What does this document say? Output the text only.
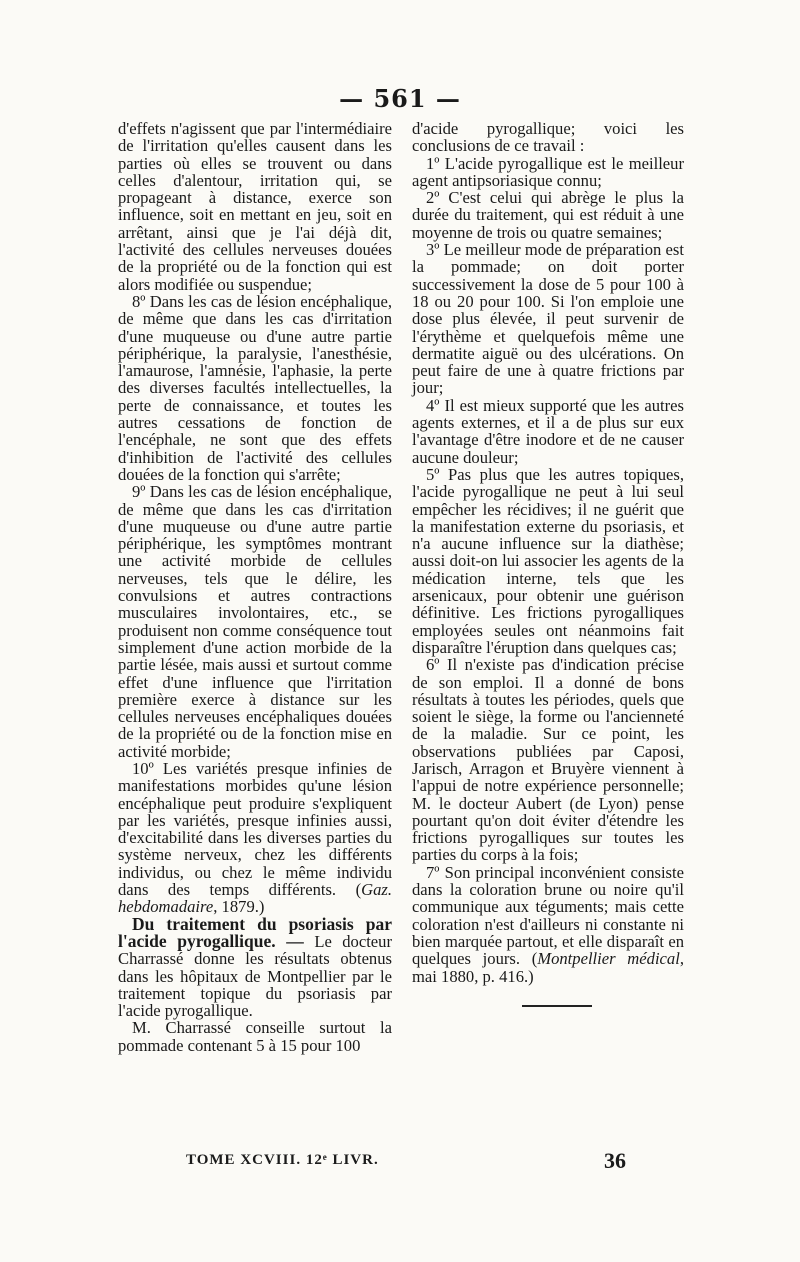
— 561 —

d'effets n'agissent que par l'intermédiaire de l'irritation qu'elles causent dans les parties où elles se trouvent ou dans celles d'alentour, irritation qui, se propageant à distance, exerce son influence, soit en mettant en jeu, soit en arrêtant, ainsi que je l'ai déjà dit, l'activité des cellules nerveuses douées de la propriété ou de la fonction qui est alors modifiée ou suspendue;

8º Dans les cas de lésion encéphalique, de même que dans les cas d'irritation d'une muqueuse ou d'une autre partie périphérique, la paralysie, l'anesthésie, l'amaurose, l'amnésie, l'aphasie, la perte des diverses facultés intellectuelles, la perte de connaissance, et toutes les autres cessations de fonction de l'encéphale, ne sont que des effets d'inhibition de l'activité des cellules douées de la fonction qui s'arrête;

9º Dans les cas de lésion encéphalique, de même que dans les cas d'irritation d'une muqueuse ou d'une autre partie périphérique, les symptômes montrant une activité morbide de cellules nerveuses, tels que le délire, les convulsions et autres contractions musculaires involontaires, etc., se produisent non comme conséquence tout simplement d'une action morbide de la partie lésée, mais aussi et surtout comme effet d'une influence que l'irritation première exerce à distance sur les cellules nerveuses encéphaliques douées de la propriété ou de la fonction mise en activité morbide;

10º Les variétés presque infinies de manifestations morbides qu'une lésion encéphalique peut produire s'expliquent par les variétés, presque infinies aussi, d'excitabilité dans les diverses parties du système nerveux, chez les différents individus, ou chez le même individu dans des temps différents. (Gaz. hebdomadaire, 1879.)

Du traitement du psoriasis par l'acide pyrogallique. — Le docteur Charrassé donne les résultats obtenus dans les hôpitaux de Montpellier par le traitement topique du psoriasis par l'acide pyrogallique.

M. Charrassé conseille surtout la pommade contenant 5 à 15 pour 100

d'acide pyrogallique; voici les conclusions de ce travail :

1º L'acide pyrogallique est le meilleur agent antipsoriasique connu;

2º C'est celui qui abrège le plus la durée du traitement, qui est réduit à une moyenne de trois ou quatre semaines;

3º Le meilleur mode de préparation est la pommade; on doit porter successivement la dose de 5 pour 100 à 18 ou 20 pour 100. Si l'on emploie une dose plus élevée, il peut survenir de l'érythème et quelquefois même une dermatite aiguë ou des ulcérations. On peut faire de une à quatre frictions par jour;

4º Il est mieux supporté que les autres agents externes, et il a de plus sur eux l'avantage d'être inodore et de ne causer aucune douleur;

5º Pas plus que les autres topiques, l'acide pyrogallique ne peut à lui seul empêcher les récidives; il ne guérit que la manifestation externe du psoriasis, et n'a aucune influence sur la diathèse; aussi doit-on lui associer les agents de la médication interne, tels que les arsenicaux, pour obtenir une guérison définitive. Les frictions pyrogalliques employées seules ont néanmoins fait disparaître l'éruption dans quelques cas;

6º Il n'existe pas d'indication précise de son emploi. Il a donné de bons résultats à toutes les périodes, quels que soient le siège, la forme ou l'ancienneté de la maladie. Sur ce point, les observations publiées par Caposi, Jarisch, Arragon et Bruyère viennent à l'appui de notre expérience personnelle; M. le docteur Aubert (de Lyon) pense pourtant qu'on doit éviter d'étendre les frictions pyrogalliques sur toutes les parties du corps à la fois;

7º Son principal inconvénient consiste dans la coloration brune ou noire qu'il communique aux téguments; mais cette coloration n'est d'ailleurs ni constante ni bien marquée partout, et elle disparaît en quelques jours. (Montpellier médical, mai 1880, p. 416.)

TOME XCVIII. 12ᵉ LIVR.	36
